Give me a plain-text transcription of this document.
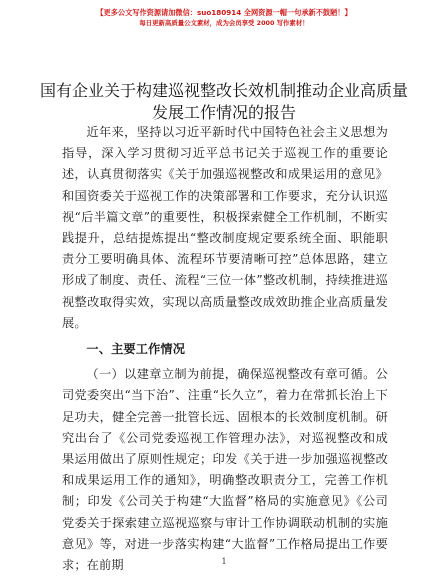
【更多公文写作资源请加微信：suo180914 全网资源一帽一句承新不鼓陋！】
每日更新高质量公文素材，成为会员享受 2000 写作素材！
国有企业关于构建巡视整改长效机制推动企业高质量发展工作情况的报告

近年来，坚持以习近平新时代中国特色社会主义思想为指导，深入学习贯彻习近平总书记关于巡视工作的重要论述，认真贯彻落实《关于加强巡视整改和成果运用的意见》和国资委关于巡视工作的决策部署和工作要求，充分认识巡视“后半篇文章”的重要性，积极探索健全工作机制，不断实践提升，总结提炼提出“整改制度规定要系统全面、职能职责分工要明确具体、流程环节要清晰可控”总体思路，建立形成了制度、责任、流程“三位一体”整改机制，持续推进巡视整改取得实效，实现以高质量整改成效助推企业高质量发展。

一、主要工作情况

（一）以建章立制为前提，确保巡视整改有章可循。公司党委突出“当下治”、注重“长久立”，着力在常抓长治上下足功夫，健全完善一批管长远、固根本的长效制度机制。研究出台了《公司党委巡视工作管理办法》，对巡视整改和成果运用做出了原则性规定；印发《关于进一步加强巡视整改和成果运用工作的通知》，明确整改职责分工，完善工作机制；印发《公司关于构建“大监督”格局的实施意见》《公司党委关于探索建立巡视巡察与审计工作协调联动机制的实施意见》等，对进一步落实构建“大监督”工作格局提出工作要求；在前期	1
